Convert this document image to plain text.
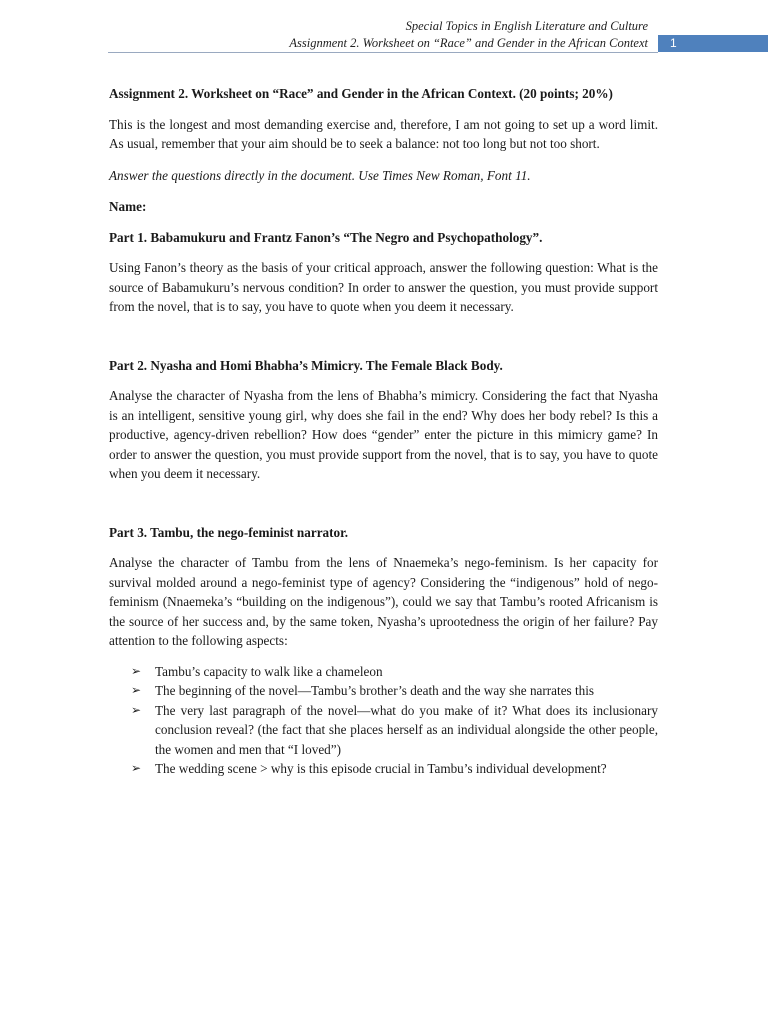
Special Topics in English Literature and Culture
Assignment 2. Worksheet on “Race” and Gender in the African Context 1
Assignment 2. Worksheet on “Race” and Gender in the African Context. (20 points; 20%)

This is the longest and most demanding exercise and, therefore, I am not going to set up a word limit. As usual, remember that your aim should be to seek a balance: not too long but not too short.

Answer the questions directly in the document. Use Times New Roman, Font 11.

Name:

Part 1. Babamukuru and Frantz Fanon’s “The Negro and Psychopathology”.

Using Fanon’s theory as the basis of your critical approach, answer the following question: What is the source of Babamukuru’s nervous condition? In order to answer the question, you must provide support from the novel, that is to say, you have to quote when you deem it necessary.

Part 2. Nyasha and Homi Bhabha’s Mimicry. The Female Black Body.

Analyse the character of Nyasha from the lens of Bhabha’s mimicry. Considering the fact that Nyasha is an intelligent, sensitive young girl, why does she fail in the end? Why does her body rebel? Is this a productive, agency-driven rebellion? How does “gender” enter the picture in this mimicry game? In order to answer the question, you must provide support from the novel, that is to say, you have to quote when you deem it necessary.

Part 3. Tambu, the nego-feminist narrator.

Analyse the character of Tambu from the lens of Nnaemeka’s nego-feminism. Is her capacity for survival molded around a nego-feminist type of agency? Considering the “indigenous” hold of nego-feminism (Nnaemeka’s “building on the indigenous”), could we say that Tambu’s rooted Africanism is the source of her success and, by the same token, Nyasha’s uprootedness the origin of her failure? Pay attention to the following aspects:

➢ Tambu’s capacity to walk like a chameleon
➢ The beginning of the novel—Tambu’s brother’s death and the way she narrates this
➢ The very last paragraph of the novel—what do you make of it? What does its inclusionary conclusion reveal? (the fact that she places herself as an individual alongside the other people, the women and men that “I loved”)
➢ The wedding scene > why is this episode crucial in Tambu’s individual development?
